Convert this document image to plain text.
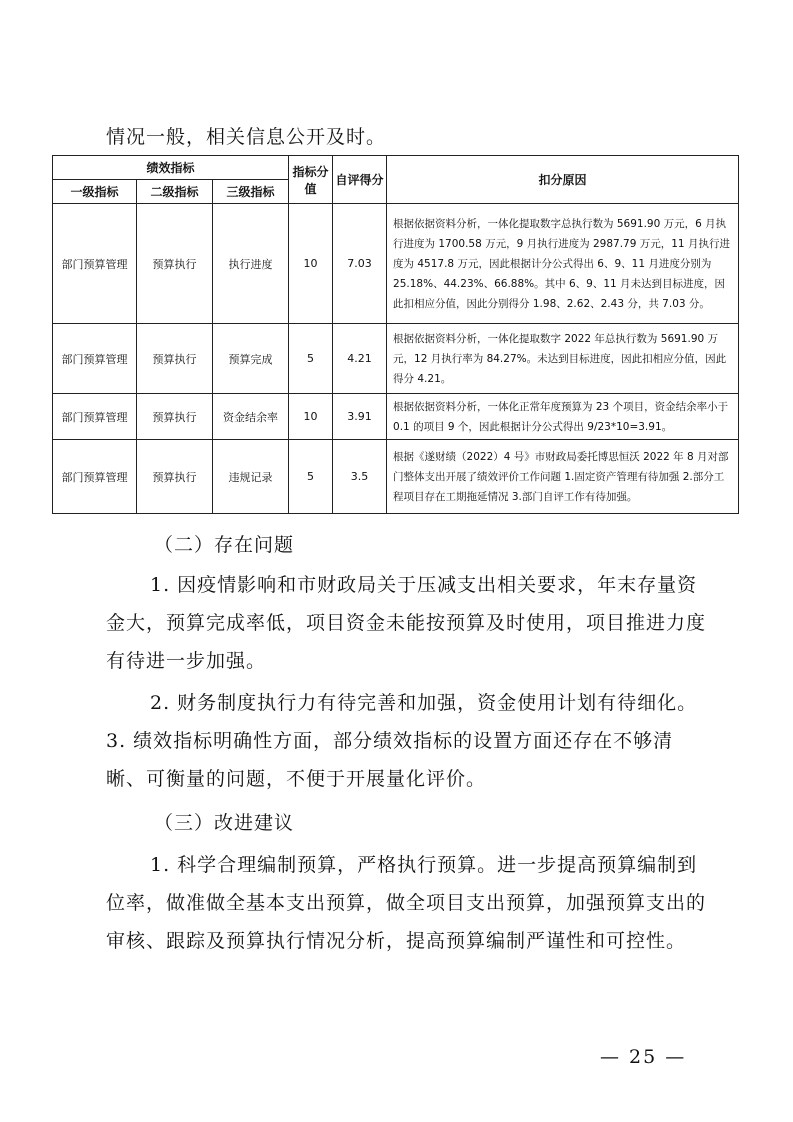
情况一般，相关信息公开及时。

绩效指标			指标分值	自评得分	扣分原因
一级指标	二级指标	三级指标			
部门预算管理	预算执行	执行进度	10	7.03	根据依据资料分析，一体化提取数字总执行数为 5691.90 万元，6 月执行进度为 1700.58 万元，9 月执行进度为 2987.79 万元，11 月执行进度为 4517.8 万元，因此根据计分公式得出 6、9、11 月进度分别为 25.18%、44.23%、66.88%。其中 6、9、11 月未达到目标进度，因此扣相应分值，因此分别得分 1.98、2.62、2.43 分，共 7.03 分。
部门预算管理	预算执行	预算完成	5	4.21	根据依据资料分析，一体化提取数字 2022 年总执行数为 5691.90 万元，12 月执行率为 84.27%。未达到目标进度，因此扣相应分值，因此得分 4.21。
部门预算管理	预算执行	资金结余率	10	3.91	根据依据资料分析，一体化正常年度预算为 23 个项目，资金结余率小于 0.1 的项目 9 个，因此根据计分公式得出 9/23*10=3.91。
部门预算管理	预算执行	违规记录	5	3.5	根据《遂财绩（2022）4 号》市财政局委托博思恒沃 2022 年 8 月对部门整体支出开展了绩效评价工作问题 1.固定资产管理有待加强 2.部分工程项目存在工期拖延情况 3.部门自评工作有待加强。

（二）存在问题

1. 因疫情影响和市财政局关于压减支出相关要求，年末存量资金大，预算完成率低，项目资金未能按预算及时使用，项目推进力度有待进一步加强。

2. 财务制度执行力有待完善和加强，资金使用计划有待细化。3. 绩效指标明确性方面，部分绩效指标的设置方面还存在不够清晰、可衡量的问题，不便于开展量化评价。

（三）改进建议

1. 科学合理编制预算，严格执行预算。进一步提高预算编制到位率，做准做全基本支出预算，做全项目支出预算，加强预算支出的审核、跟踪及预算执行情况分析，提高预算编制严谨性和可控性。

— 25 —
